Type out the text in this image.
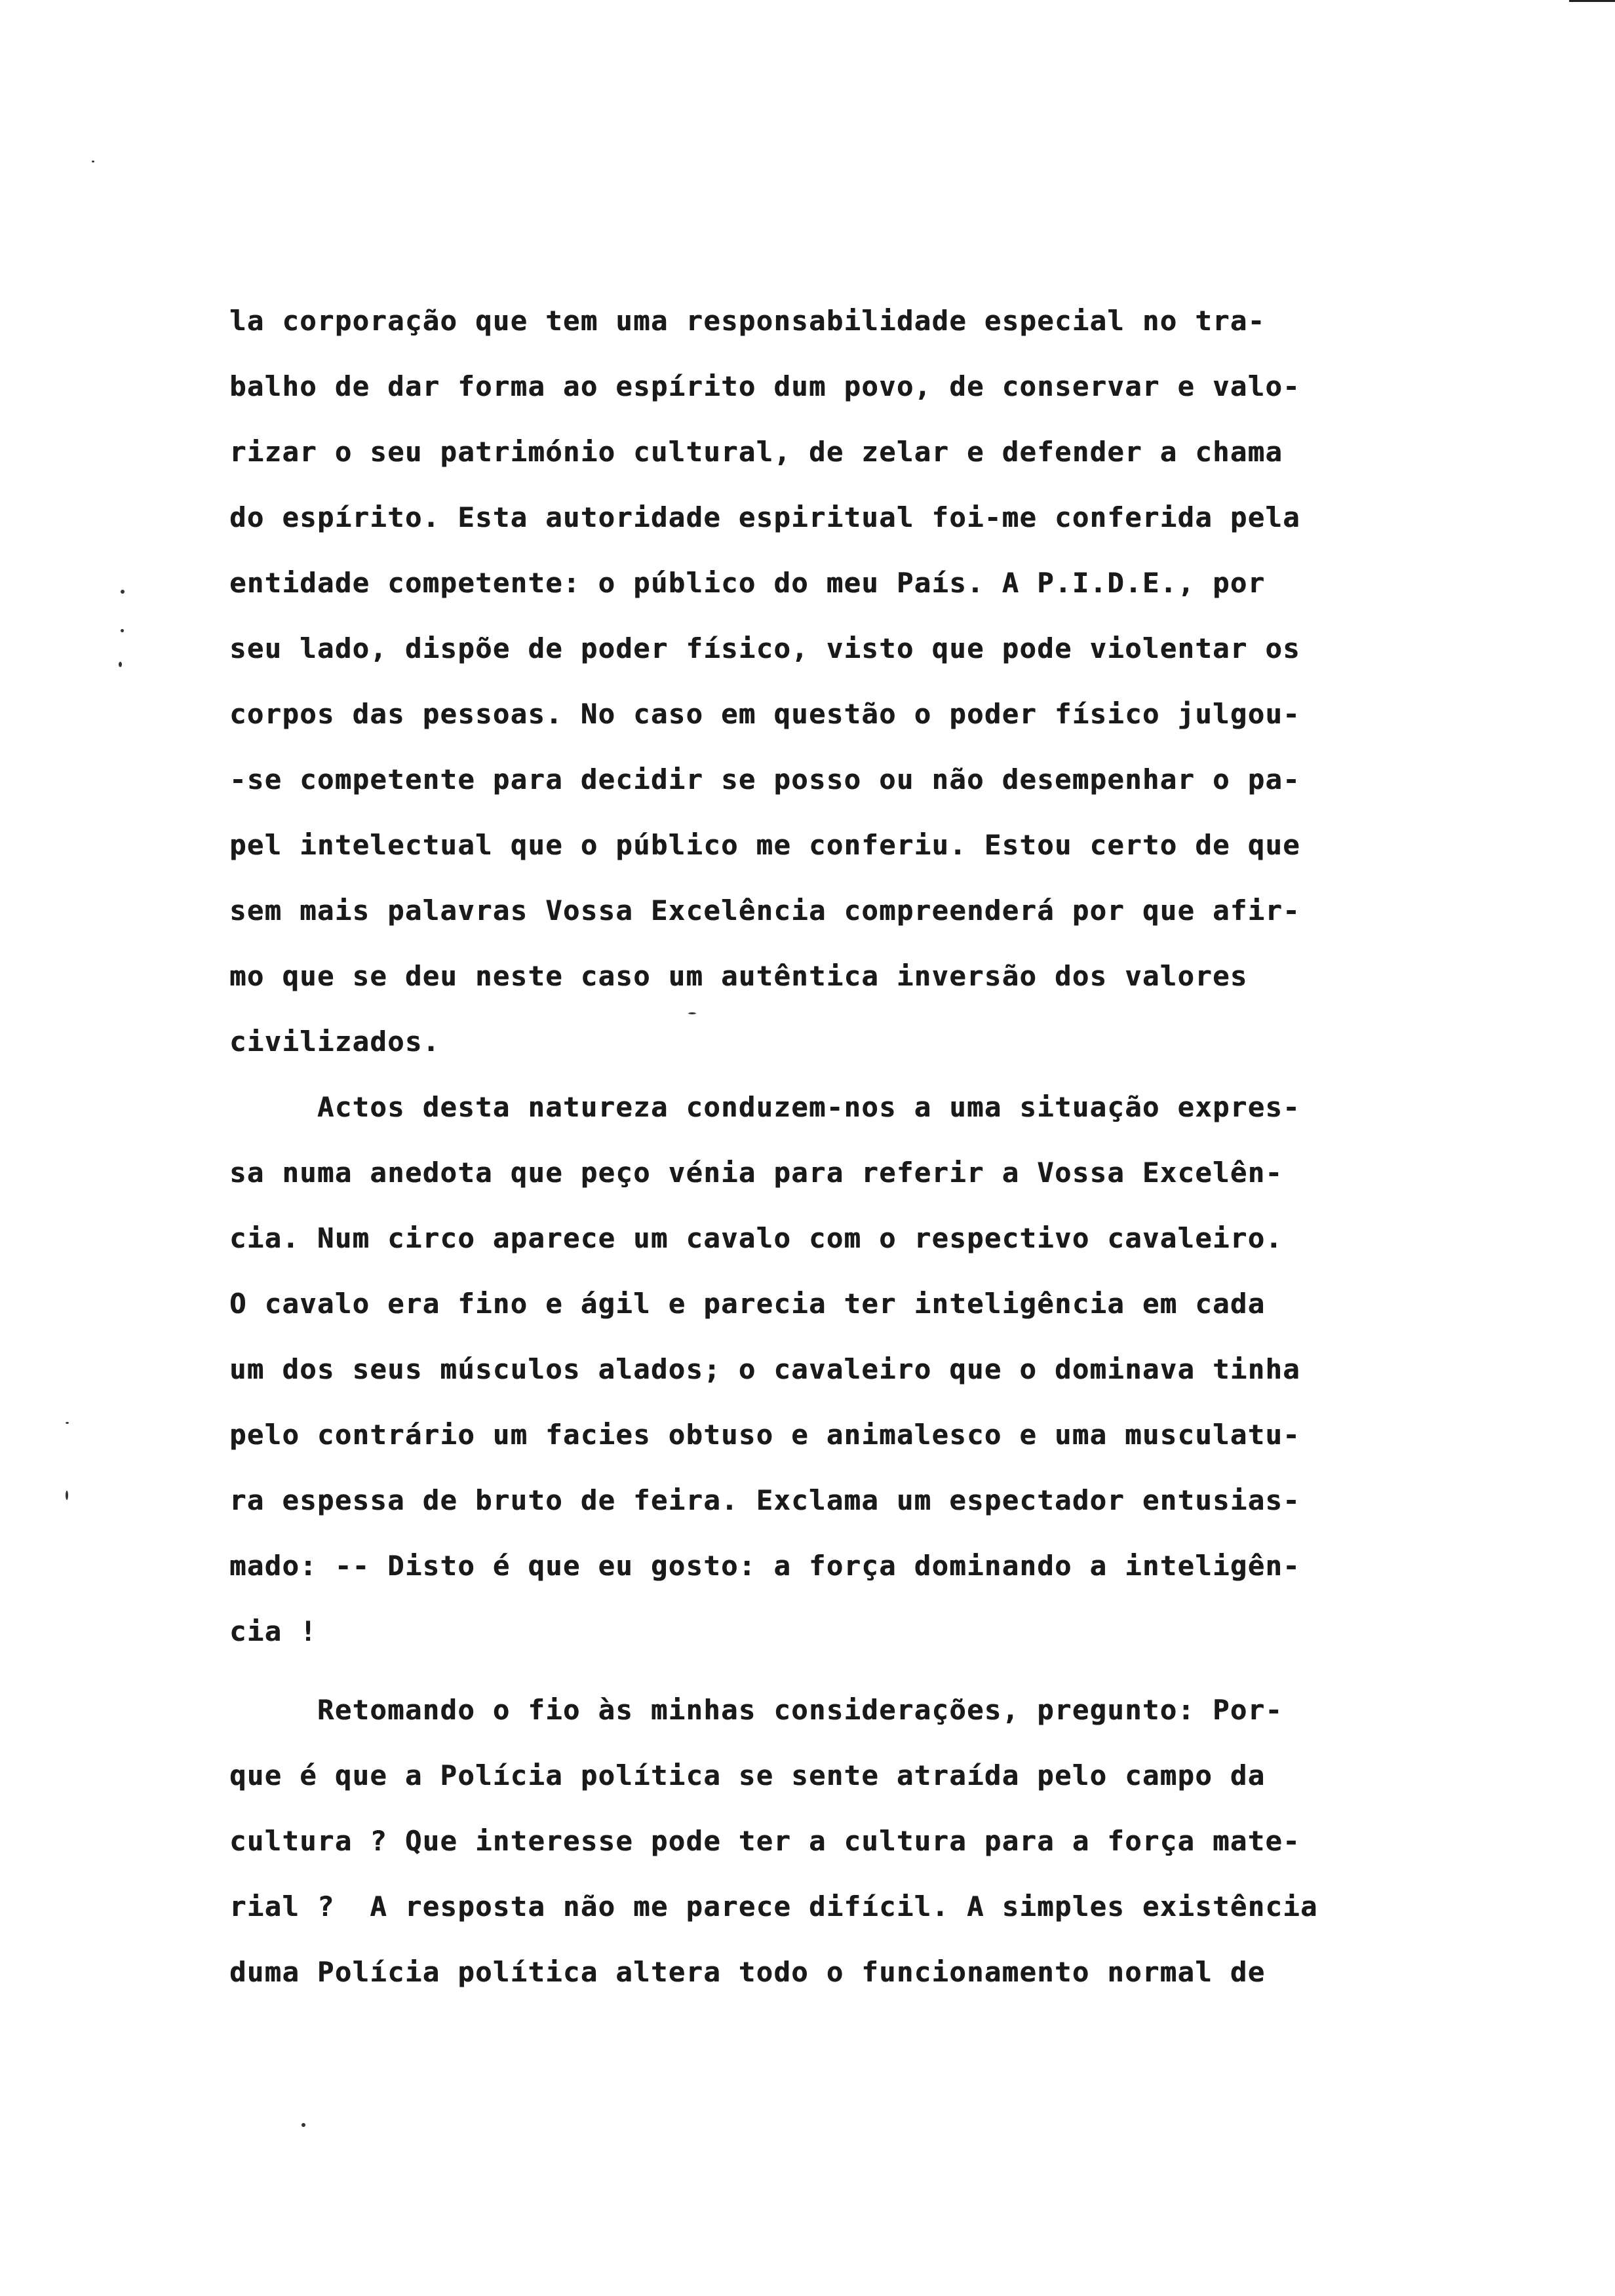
la corporação que tem uma responsabilidade especial no tra-
balho de dar forma ao espírito dum povo, de conservar e valo-
rizar o seu património cultural, de zelar e defender a chama
do espírito. Esta autoridade espiritual foi-me conferida pela
entidade competente: o público do meu País. A P.I.D.E., por
seu lado, dispõe de poder físico, visto que pode violentar os
corpos das pessoas. No caso em questão o poder físico julgou-
-se competente para decidir se posso ou não desempenhar o pa-
pel intelectual que o público me conferiu. Estou certo de que
sem mais palavras Vossa Excelência compreenderá por que afir-
mo que se deu neste caso um autêntica inversão dos valores
civilizados.
Actos desta natureza conduzem-nos a uma situação expres-
sa numa anedota que peço vénia para referir a Vossa Excelên-
cia. Num circo aparece um cavalo com o respectivo cavaleiro.
O cavalo era fino e ágil e parecia ter inteligência em cada
um dos seus músculos alados; o cavaleiro que o dominava tinha
pelo contrário um facies obtuso e animalesco e uma musculatu-
ra espessa de bruto de feira. Exclama um espectador entusias-
mado: -- Disto é que eu gosto: a força dominando a inteligên-
cia !
Retomando o fio às minhas considerações, pregunto: Por-
que é que a Polícia política se sente atraída pelo campo da
cultura ? Que interesse pode ter a cultura para a força mate-
rial ?  A resposta não me parece difícil. A simples existência
duma Polícia política altera todo o funcionamento normal de
